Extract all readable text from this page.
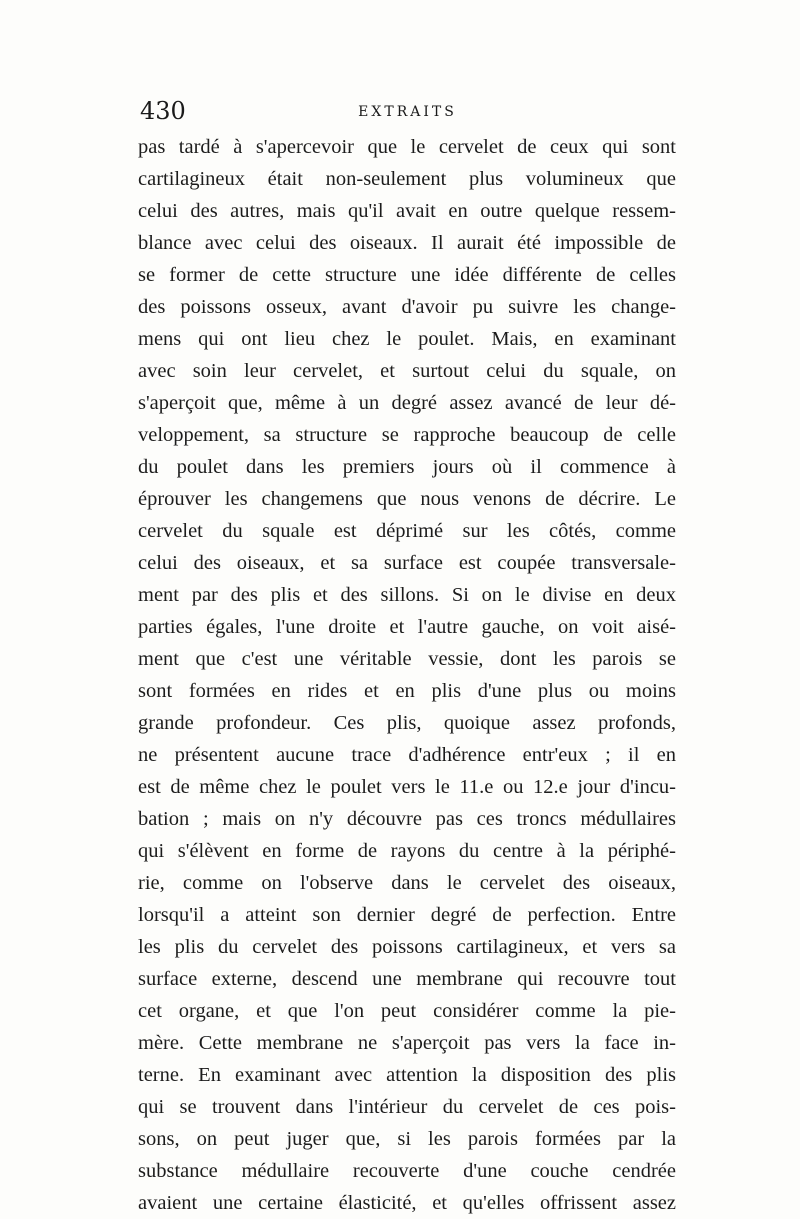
430	EXTRAITS
pas tardé à s'apercevoir que le cervelet de ceux qui sont
cartilagineux était non-seulement plus volumineux que
celui des autres, mais qu'il avait en outre quelque ressem-
blance avec celui des oiseaux. Il aurait été impossible de
se former de cette structure une idée différente de celles
des poissons osseux, avant d'avoir pu suivre les change-
mens qui ont lieu chez le poulet. Mais, en examinant
avec soin leur cervelet, et surtout celui du squale, on
s'aperçoit que, même à un degré assez avancé de leur dé-
veloppement, sa structure se rapproche beaucoup de celle
du poulet dans les premiers jours où il commence à
éprouver les changemens que nous venons de décrire. Le
cervelet du squale est déprimé sur les côtés, comme
celui des oiseaux, et sa surface est coupée transversale-
ment par des plis et des sillons. Si on le divise en deux
parties égales, l'une droite et l'autre gauche, on voit aisé-
ment que c'est une véritable vessie, dont les parois se
sont formées en rides et en plis d'une plus ou moins
grande profondeur. Ces plis, quoique assez profonds,
ne présentent aucune trace d'adhérence entr'eux ; il en
est de même chez le poulet vers le 11.e ou 12.e jour d'incu-
bation ; mais on n'y découvre pas ces troncs médullaires
qui s'élèvent en forme de rayons du centre à la périphé-
rie, comme on l'observe dans le cervelet des oiseaux,
lorsqu'il a atteint son dernier degré de perfection. Entre
les plis du cervelet des poissons cartilagineux, et vers sa
surface externe, descend une membrane qui recouvre tout
cet organe, et que l'on peut considérer comme la pie-
mère. Cette membrane ne s'aperçoit pas vers la face in-
terne. En examinant avec attention la disposition des plis
qui se trouvent dans l'intérieur du cervelet de ces pois-
sons, on peut juger que, si les parois formées par la
substance médullaire recouverte d'une couche cendrée
avaient une certaine élasticité, et qu'elles offrissent assez
